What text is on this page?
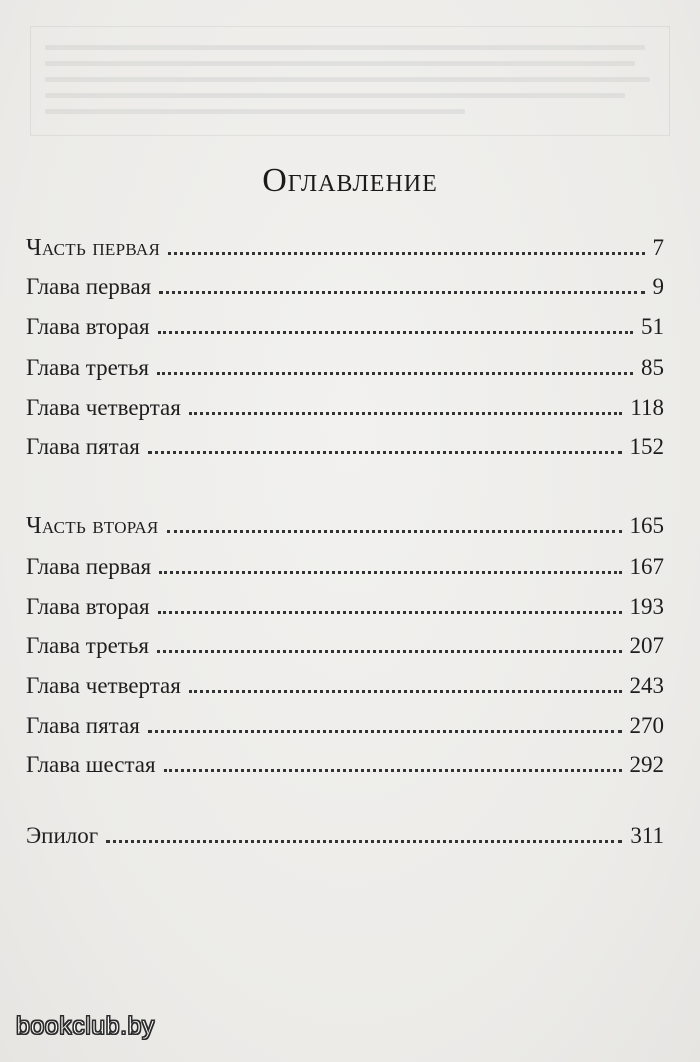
Оглавление
Часть первая	7
Глава первая	9
Глава вторая	51
Глава третья	85
Глава четвертая	118
Глава пятая	152
Часть вторая	165
Глава первая	167
Глава вторая	193
Глава третья	207
Глава четвертая	243
Глава пятая	270
Глава шестая	292
Эпилог	311
bookclub.by
